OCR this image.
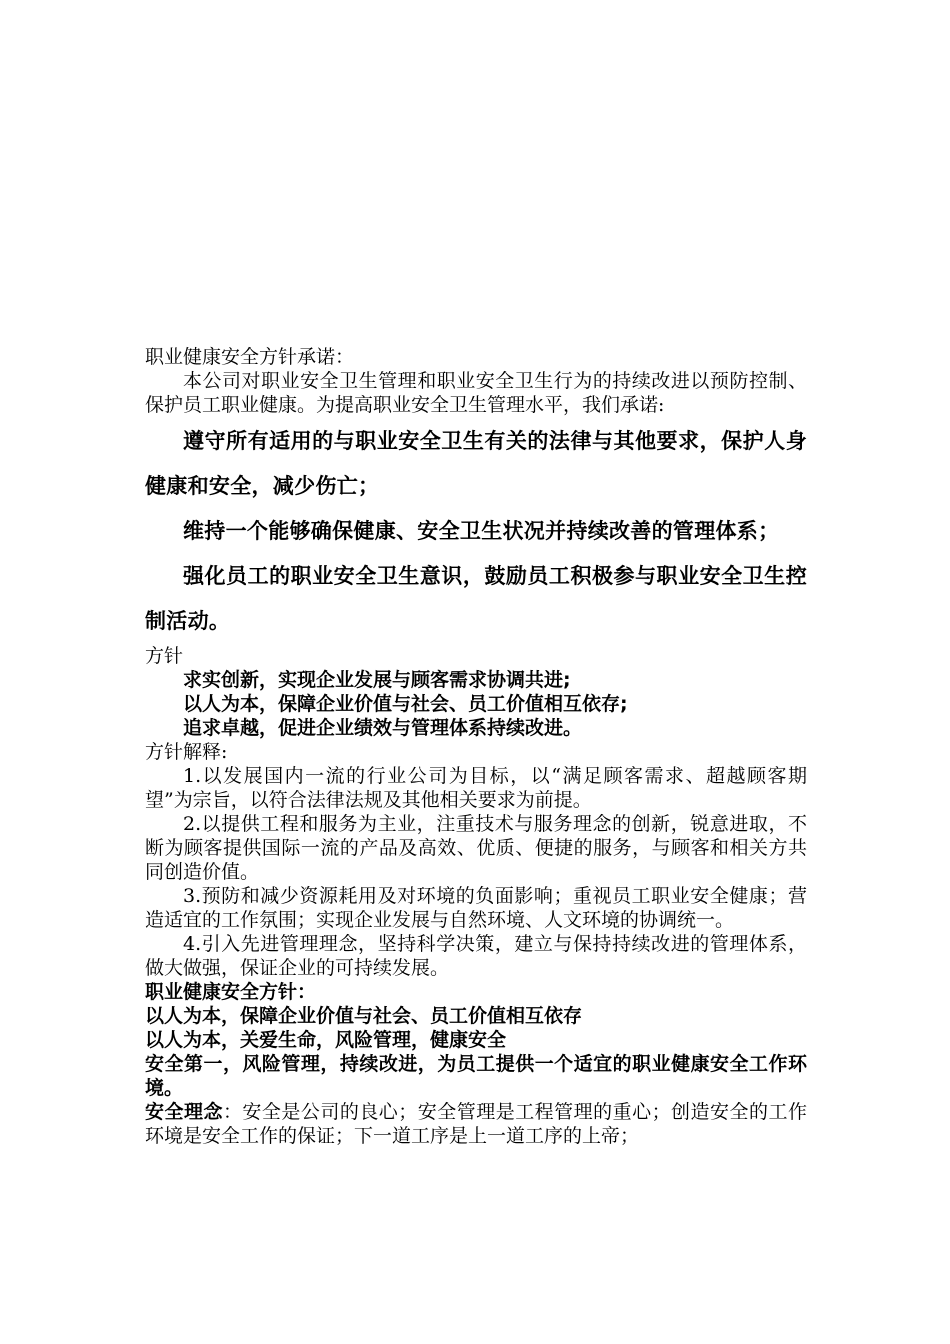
职业健康安全方针承诺：

本公司对职业安全卫生管理和职业安全卫生行为的持续改进以预防控制、保护员工职业健康。为提高职业安全卫生管理水平，我们承诺:

遵守所有适用的与职业安全卫生有关的法律与其他要求，保护人身健康和安全，减少伤亡；

维持一个能够确保健康、安全卫生状况并持续改善的管理体系；

强化员工的职业安全卫生意识，鼓励员工积极参与职业安全卫生控制活动。

方针

求实创新，实现企业发展与顾客需求协调共进;

以人为本，保障企业价值与社会、员工价值相互依存;

追求卓越，促进企业绩效与管理体系持续改进。

方针解释:

1.以发展国内一流的行业公司为目标，以“满足顾客需求、超越顾客期望”为宗旨，以符合法律法规及其他相关要求为前提。

2.以提供工程和服务为主业，注重技术与服务理念的创新，锐意进取，不断为顾客提供国际一流的产品及高效、优质、便捷的服务，与顾客和相关方共同创造价值。

3.预防和减少资源耗用及对环境的负面影响；重视员工职业安全健康；营造适宜的工作氛围；实现企业发展与自然环境、人文环境的协调统一。

4.引入先进管理理念，坚持科学决策，建立与保持持续改进的管理体系，做大做强，保证企业的可持续发展。

职业健康安全方针：

以人为本，保障企业价值与社会、员工价值相互依存

以人为本，关爱生命，风险管理，健康安全

安全第一，风险管理，持续改进，为员工提供一个适宜的职业健康安全工作环境。

安全理念：安全是公司的良心；安全管理是工程管理的重心；创造安全的工作环境是安全工作的保证；下一道工序是上一道工序的上帝；
